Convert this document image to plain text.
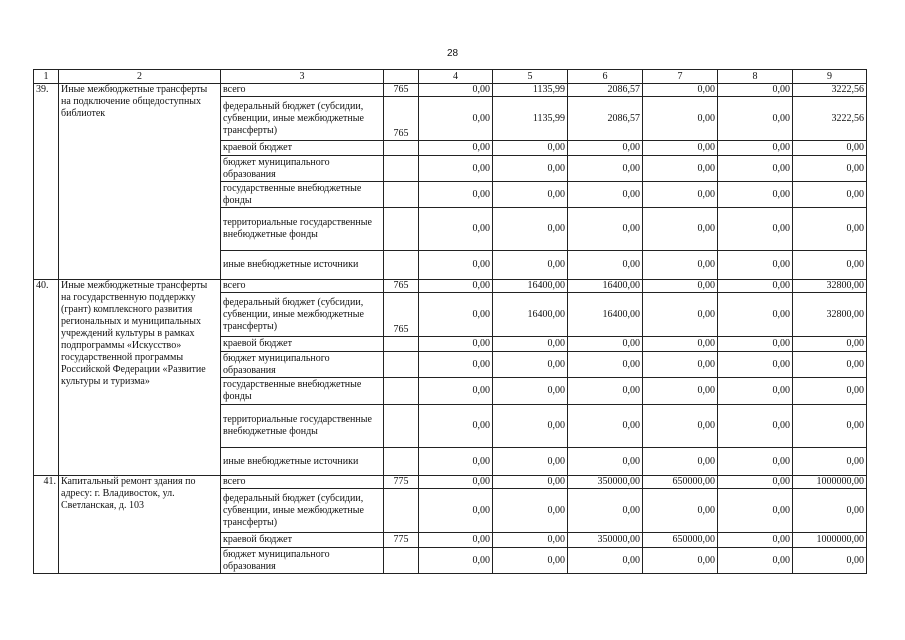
28
1	2	3		4	5	6	7	8	9
39.	Иные межбюджетные трансферты на подключение общедоступных библиотек	всего	765	0,00	1135,99	2086,57	0,00	0,00	3222,56
		федеральный бюджет (субсидии, субвенции, иные межбюджетные трансферты)	765	0,00	1135,99	2086,57	0,00	0,00	3222,56
		краевой бюджет		0,00	0,00	0,00	0,00	0,00	0,00
		бюджет муниципального образования		0,00	0,00	0,00	0,00	0,00	0,00
		государственные внебюджетные фонды		0,00	0,00	0,00	0,00	0,00	0,00
		территориальные государственные внебюджетные фонды		0,00	0,00	0,00	0,00	0,00	0,00
		иные внебюджетные источники		0,00	0,00	0,00	0,00	0,00	0,00
40.	Иные межбюджетные трансферты на государственную поддержку (грант) комплексного развития региональных и муниципальных учреждений культуры в рамках подпрограммы «Искусство» государственной программы Российской Федерации «Развитие культуры и туризма»	всего	765	0,00	16400,00	16400,00	0,00	0,00	32800,00
		федеральный бюджет (субсидии, субвенции, иные межбюджетные трансферты)	765	0,00	16400,00	16400,00	0,00	0,00	32800,00
		краевой бюджет		0,00	0,00	0,00	0,00	0,00	0,00
		бюджет муниципального образования		0,00	0,00	0,00	0,00	0,00	0,00
		государственные внебюджетные фонды		0,00	0,00	0,00	0,00	0,00	0,00
		территориальные государственные внебюджетные фонды		0,00	0,00	0,00	0,00	0,00	0,00
		иные внебюджетные источники		0,00	0,00	0,00	0,00	0,00	0,00
41.	Капитальный ремонт здания по адресу: г. Владивосток, ул. Светланская, д. 103	всего	775	0,00	0,00	350000,00	650000,00	0,00	1000000,00
		федеральный бюджет (субсидии, субвенции, иные межбюджетные трансферты)		0,00	0,00	0,00	0,00	0,00	0,00
		краевой бюджет	775	0,00	0,00	350000,00	650000,00	0,00	1000000,00
		бюджет муниципального образования		0,00	0,00	0,00	0,00	0,00	0,00
